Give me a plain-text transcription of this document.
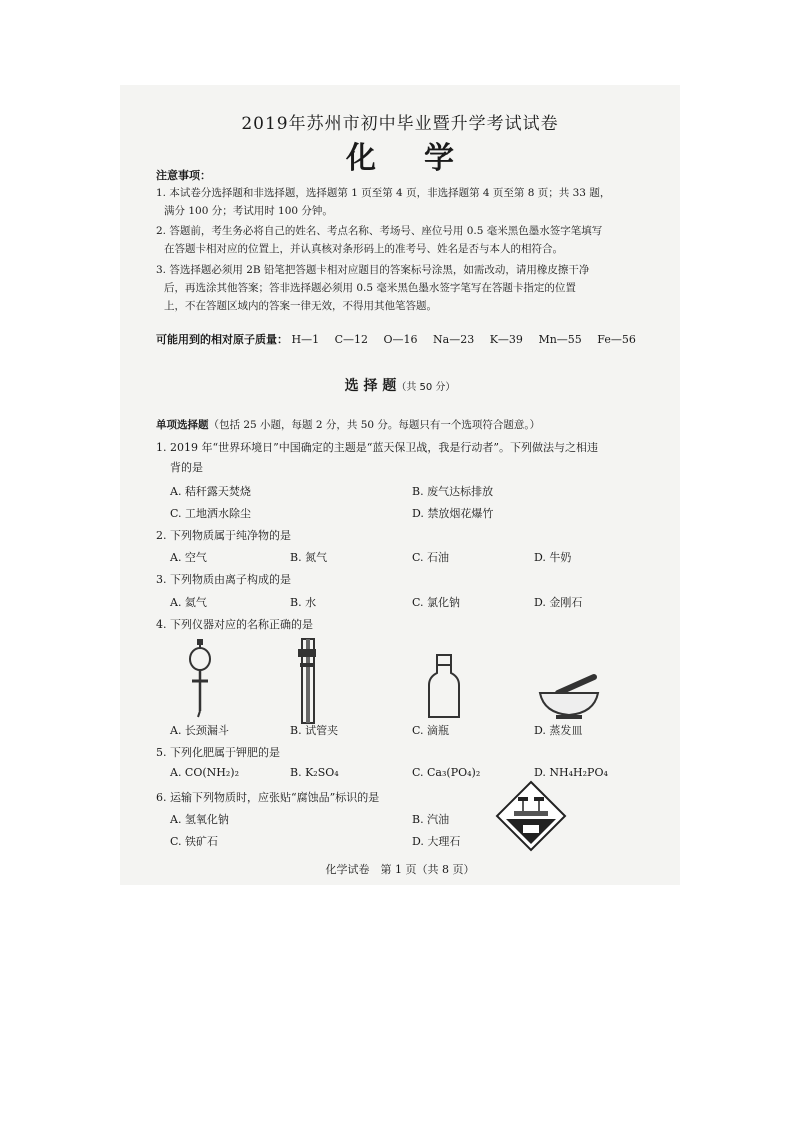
2019年苏州市初中毕业暨升学考试试卷
化学
注意事项：
1. 本试卷分选择题和非选择题，选择题第 1 页至第 4 页，非选择题第 4 页至第 8 页；共 33 题，
满分 100 分；考试用时 100 分钟。
2. 答题前，考生务必将自己的姓名、考点名称、考场号、座位号用 0.5 毫米黑色墨水签字笔填写
在答题卡相对应的位置上，并认真核对条形码上的准考号、姓名是否与本人的相符合。
3. 答选择题必须用 2B 铅笔把答题卡相对应题目的答案标号涂黑，如需改动，请用橡皮擦干净
后，再选涂其他答案；答非选择题必须用 0.5 毫米黑色墨水签字笔写在答题卡指定的位置
上，不在答题区域内的答案一律无效，不得用其他笔答题。
可能用到的相对原子质量： H—1 C—12 O—16 Na—23 K—39 Mn—55 Fe—56
选 择 题（共 50 分）
单项选择题（包括 25 小题，每题 2 分，共 50 分。每题只有一个选项符合题意。）
1. 2019 年“世界环境日”中国确定的主题是“蓝天保卫战，我是行动者”。下列做法与之相违
背的是
A. 秸秆露天焚烧	B. 废气达标排放
C. 工地洒水除尘	D. 禁放烟花爆竹
2. 下列物质属于纯净物的是
A. 空气	B. 氮气	C. 石油	D. 牛奶
3. 下列物质由离子构成的是
A. 氦气	B. 水	C. 氯化钠	D. 金刚石
4. 下列仪器对应的名称正确的是
A. 长颈漏斗	B. 试管夹	C. 滴瓶	D. 蒸发皿
5. 下列化肥属于钾肥的是
A. CO(NH₂)₂	B. K₂SO₄	C. Ca₃(PO₄)₂	D. NH₄H₂PO₄
6. 运输下列物质时，应张贴“腐蚀品”标识的是
A. 氢氧化钠	B. 汽油
C. 铁矿石	D. 大理石
化学试卷　第 1 页（共 8 页）
